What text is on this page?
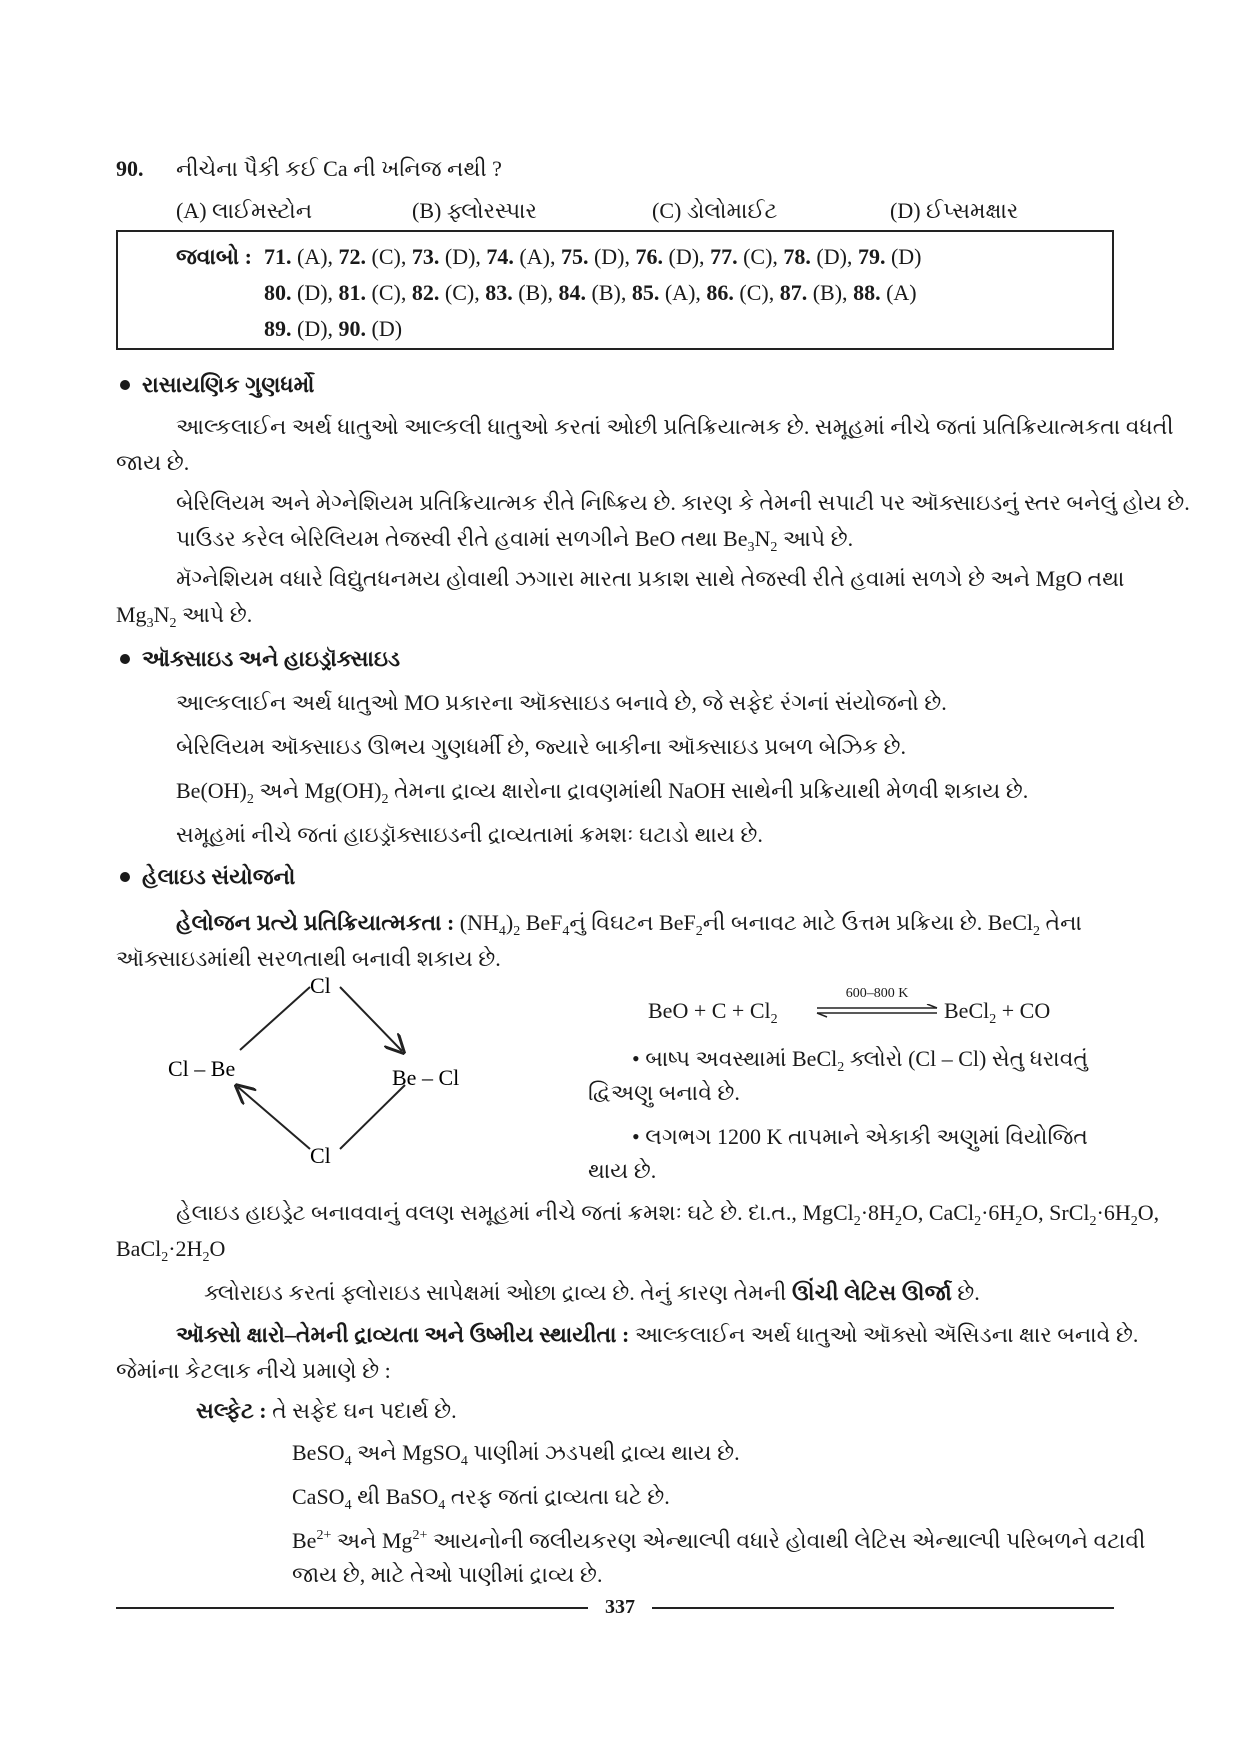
90. નીચેના પૈકી કઈ Ca ની ખનિજ નથી ?
(A) લાઈમસ્ટોન	(B) ફ્લોરસ્પાર	(C) ડોલોમાઈટ	(D) ઈપ્સમક્ષાર
જવાબો : 71. (A), 72. (C), 73. (D), 74. (A), 75. (D), 76. (D), 77. (C), 78. (D), 79. (D)
80. (D), 81. (C), 82. (C), 83. (B), 84. (B), 85. (A), 86. (C), 87. (B), 88. (A)
89. (D), 90. (D)
રાસાયણિક ગુણધર્મો
આલ્કલાઈન અર્થ ધાતુઓ આલ્કલી ધાતુઓ કરતાં ઓછી પ્રતિક્રિયાત્મક છે. સમૂહમાં નીચે જતાં પ્રતિક્રિયાત્મકતા વધતી
જાય છે.
બેરિલિયમ અને મેગ્નેશિયમ પ્રતિક્રિયાત્મક રીતે નિષ્ક્રિય છે. કારણ કે તેમની સપાટી પર ઑક્સાઇડનું સ્તર બનેલું હોય છે.
પાઉડર કરેલ બેરિલિયમ તેજસ્વી રીતે હવામાં સળગીને BeO તથા $Be_3N_2$ આપે છે.
મૅગ્નેશિયમ વધારે વિદ્યુતધનમય હોવાથી ઝગારા મારતા પ્રકાશ સાથે તેજસ્વી રીતે હવામાં સળગે છે અને MgO તથા
$Mg_3N_2$ આપે છે.
ઑક્સાઇડ અને હાઇડ્રૉક્સાઇડ
આલ્કલાઈન અર્થ ધાતુઓ MO પ્રકારના ઑક્સાઇડ બનાવે છે, જે સફેદ રંગનાં સંયોજનો છે.
બેરિલિયમ ઑક્સાઇડ ઊભય ગુણધર્મી છે, જ્યારે બાકીના ઑક્સાઇડ પ્રબળ બેઝિક છે.
$Be(OH)_2$ અને $Mg(OH)_2$ તેમના દ્રાવ્ય ક્ષારોના દ્રાવણમાંથી NaOH સાથેની પ્રક્રિયાથી મેળવી શકાય છે.
સમૂહમાં નીચે જતાં હાઇડ્રૉક્સાઇડની દ્રાવ્યતામાં ક્રમશઃ ઘટાડો થાય છે.
હેલાઇડ સંયોજનો
હેલોજન પ્રત્યે પ્રતિક્રિયાત્મકતા : $(NH_4)_2$ BeF$_4$નું વિઘટન BeF$_2$ની બનાવટ માટે ઉત્તમ પ્રક્રિયા છે. BeCl$_2$ તેના
ઑક્સાઇડમાંથી સરળતાથી બનાવી શકાય છે.
Cl
Cl
Cl – Be	Be – Cl
BeO + $C + Cl_2$
600–800 K
BeCl$_2$ + CO
• બાષ્પ અવસ્થામાં BeCl$_2$ ક્લોરો (Cl – Cl) સેતુ ધરાવતું
દ્વિઅણુ બનાવે છે.
• લગભગ 1200 K તાપમાને એકાકી અણુમાં વિયોજિત
થાય છે.
હેલાઇડ હાઇડ્રેટ બનાવવાનું વલણ સમૂહમાં નીચે જતાં ક્રમશઃ ઘટે છે. દા.ત., $MgCl_2\cdot 8H_2O$, $CaCl_2\cdot 6H_2O$, $SrCl_2\cdot 6H_2O$,
$BaCl_2\cdot 2H_2O$
ક્લોરાઇડ કરતાં ફ્લોરાઇડ સાપેક્ષમાં ઓછા દ્રાવ્ય છે. તેનું કારણ તેમની ઊંચી લેટિસ ઊર્જા છે.
ઑક્સો ક્ષારો–તેમની દ્રાવ્યતા અને ઉષ્મીય સ્થાયીતા : આલ્કલાઈન અર્થ ધાતુઓ ઑક્સો ઍસિડના ક્ષાર બનાવે છે.
જેમાંના કેટલાક નીચે પ્રમાણે છે :
સલ્ફેટ : તે સફેદ ઘન પદાર્થ છે.
BeSO$_4$ અને MgSO$_4$ પાણીમાં ઝડપથી દ્રાવ્ય થાય છે.
CaSO$_4$ થી BaSO$_4$ તરફ જતાં દ્રાવ્યતા ઘટે છે.
$Be^{2+}$ અને $Mg^{2+}$ આયનોની જલીયકરણ એન્થાલ્પી વધારે હોવાથી લેટિસ એન્થાલ્પી પરિબળને વટાવી
જાય છે, માટે તેઓ પાણીમાં દ્રાવ્ય છે.
337
